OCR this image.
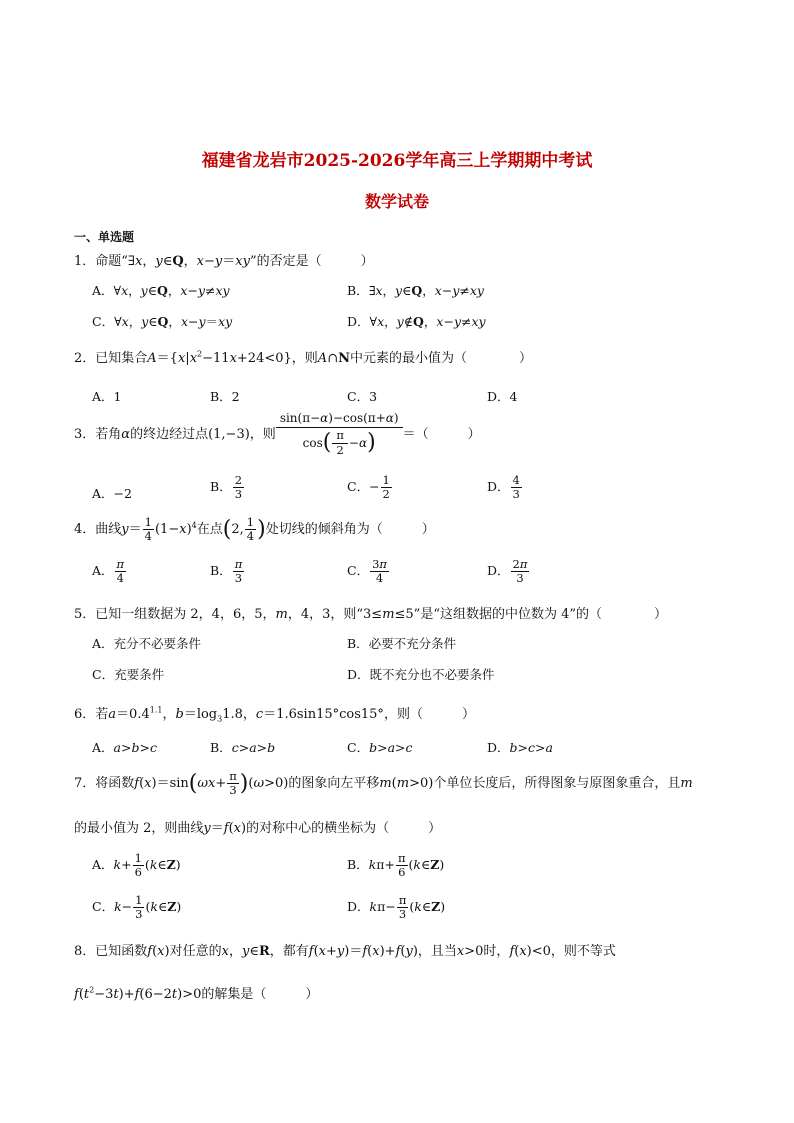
福建省龙岩市2025-2026学年高三上学期期中考试
数学试卷
一、单选题
1．命题“∃x，y∈Q，x−y＝xy”的否定是（　　　）
A．∀x，y∈Q，x−y≠xy	B．∃x，y∈Q，x−y≠xy
C．∀x，y∈Q，x−y＝xy	D．∀x，y∉Q，x−y≠xy
2．已知集合$A=\{x|x^2-11x+24<0\}$，则A∩N中元素的最小值为（　　　　）
A．1	B．2	C．3	D．4
3．若角α的终边经过点(1,−3)，则 $\frac{\sin(\pi-\alpha)-\cos(\pi+\alpha)}{\cos( \frac{\pi}{2} -\alpha)}$ ＝（　　　）
A．−2	B． $\frac{2}{3}$	C．− $\frac{1}{2}$	D． $\frac{4}{3}$
4．曲线$y= \frac{1}{4} (1-x)^4$在点(2, $\frac{1}{4}$ )处切线的倾斜角为（　　　）
A． $\frac{\pi}{4}$	B． $\frac{\pi}{3}$	C． $\frac{3\pi}{4}$	D． $\frac{2\pi}{3}$
5．已知一组数据为 2，4，6，5，m，4，3，则“3≤m≤5”是“这组数据的中位数为 4”的（　　　　）
A．充分不必要条件	B．必要不充分条件
C．充要条件	D．既不充分也不必要条件
6．若$a=0.4^{1.1}$，$b=\log_31.8$，c＝1.6sin15°cos15°，则（　　　）
A．a>b>c	B．c>a>b	C．b>a>c	D．b>c>a
7．将函数$f(x)=\sin(\omega x+ \frac{\pi}{3} )(\omega>0)$的图象向左平移m(m>0)个单位长度后，所得图象与原图象重合，且m
的最小值为 2，则曲线y＝f(x)的对称中心的横坐标为（　　　）
A．$k+ \frac{1}{6}$ (k∈Z)	B．$k\pi+ \frac{\pi}{6}$ (k∈Z)
C．$k- \frac{1}{3}$ (k∈Z)	D．$k\pi- \frac{\pi}{3}$ (k∈Z)
8．已知函数f(x)对任意的x，y∈R，都有f(x+y)＝f(x)+f(y)，且当x>0时，f(x)<0，则不等式
$f(t^2-3t)+f(6-2t)>0$的解集是（　　　）
